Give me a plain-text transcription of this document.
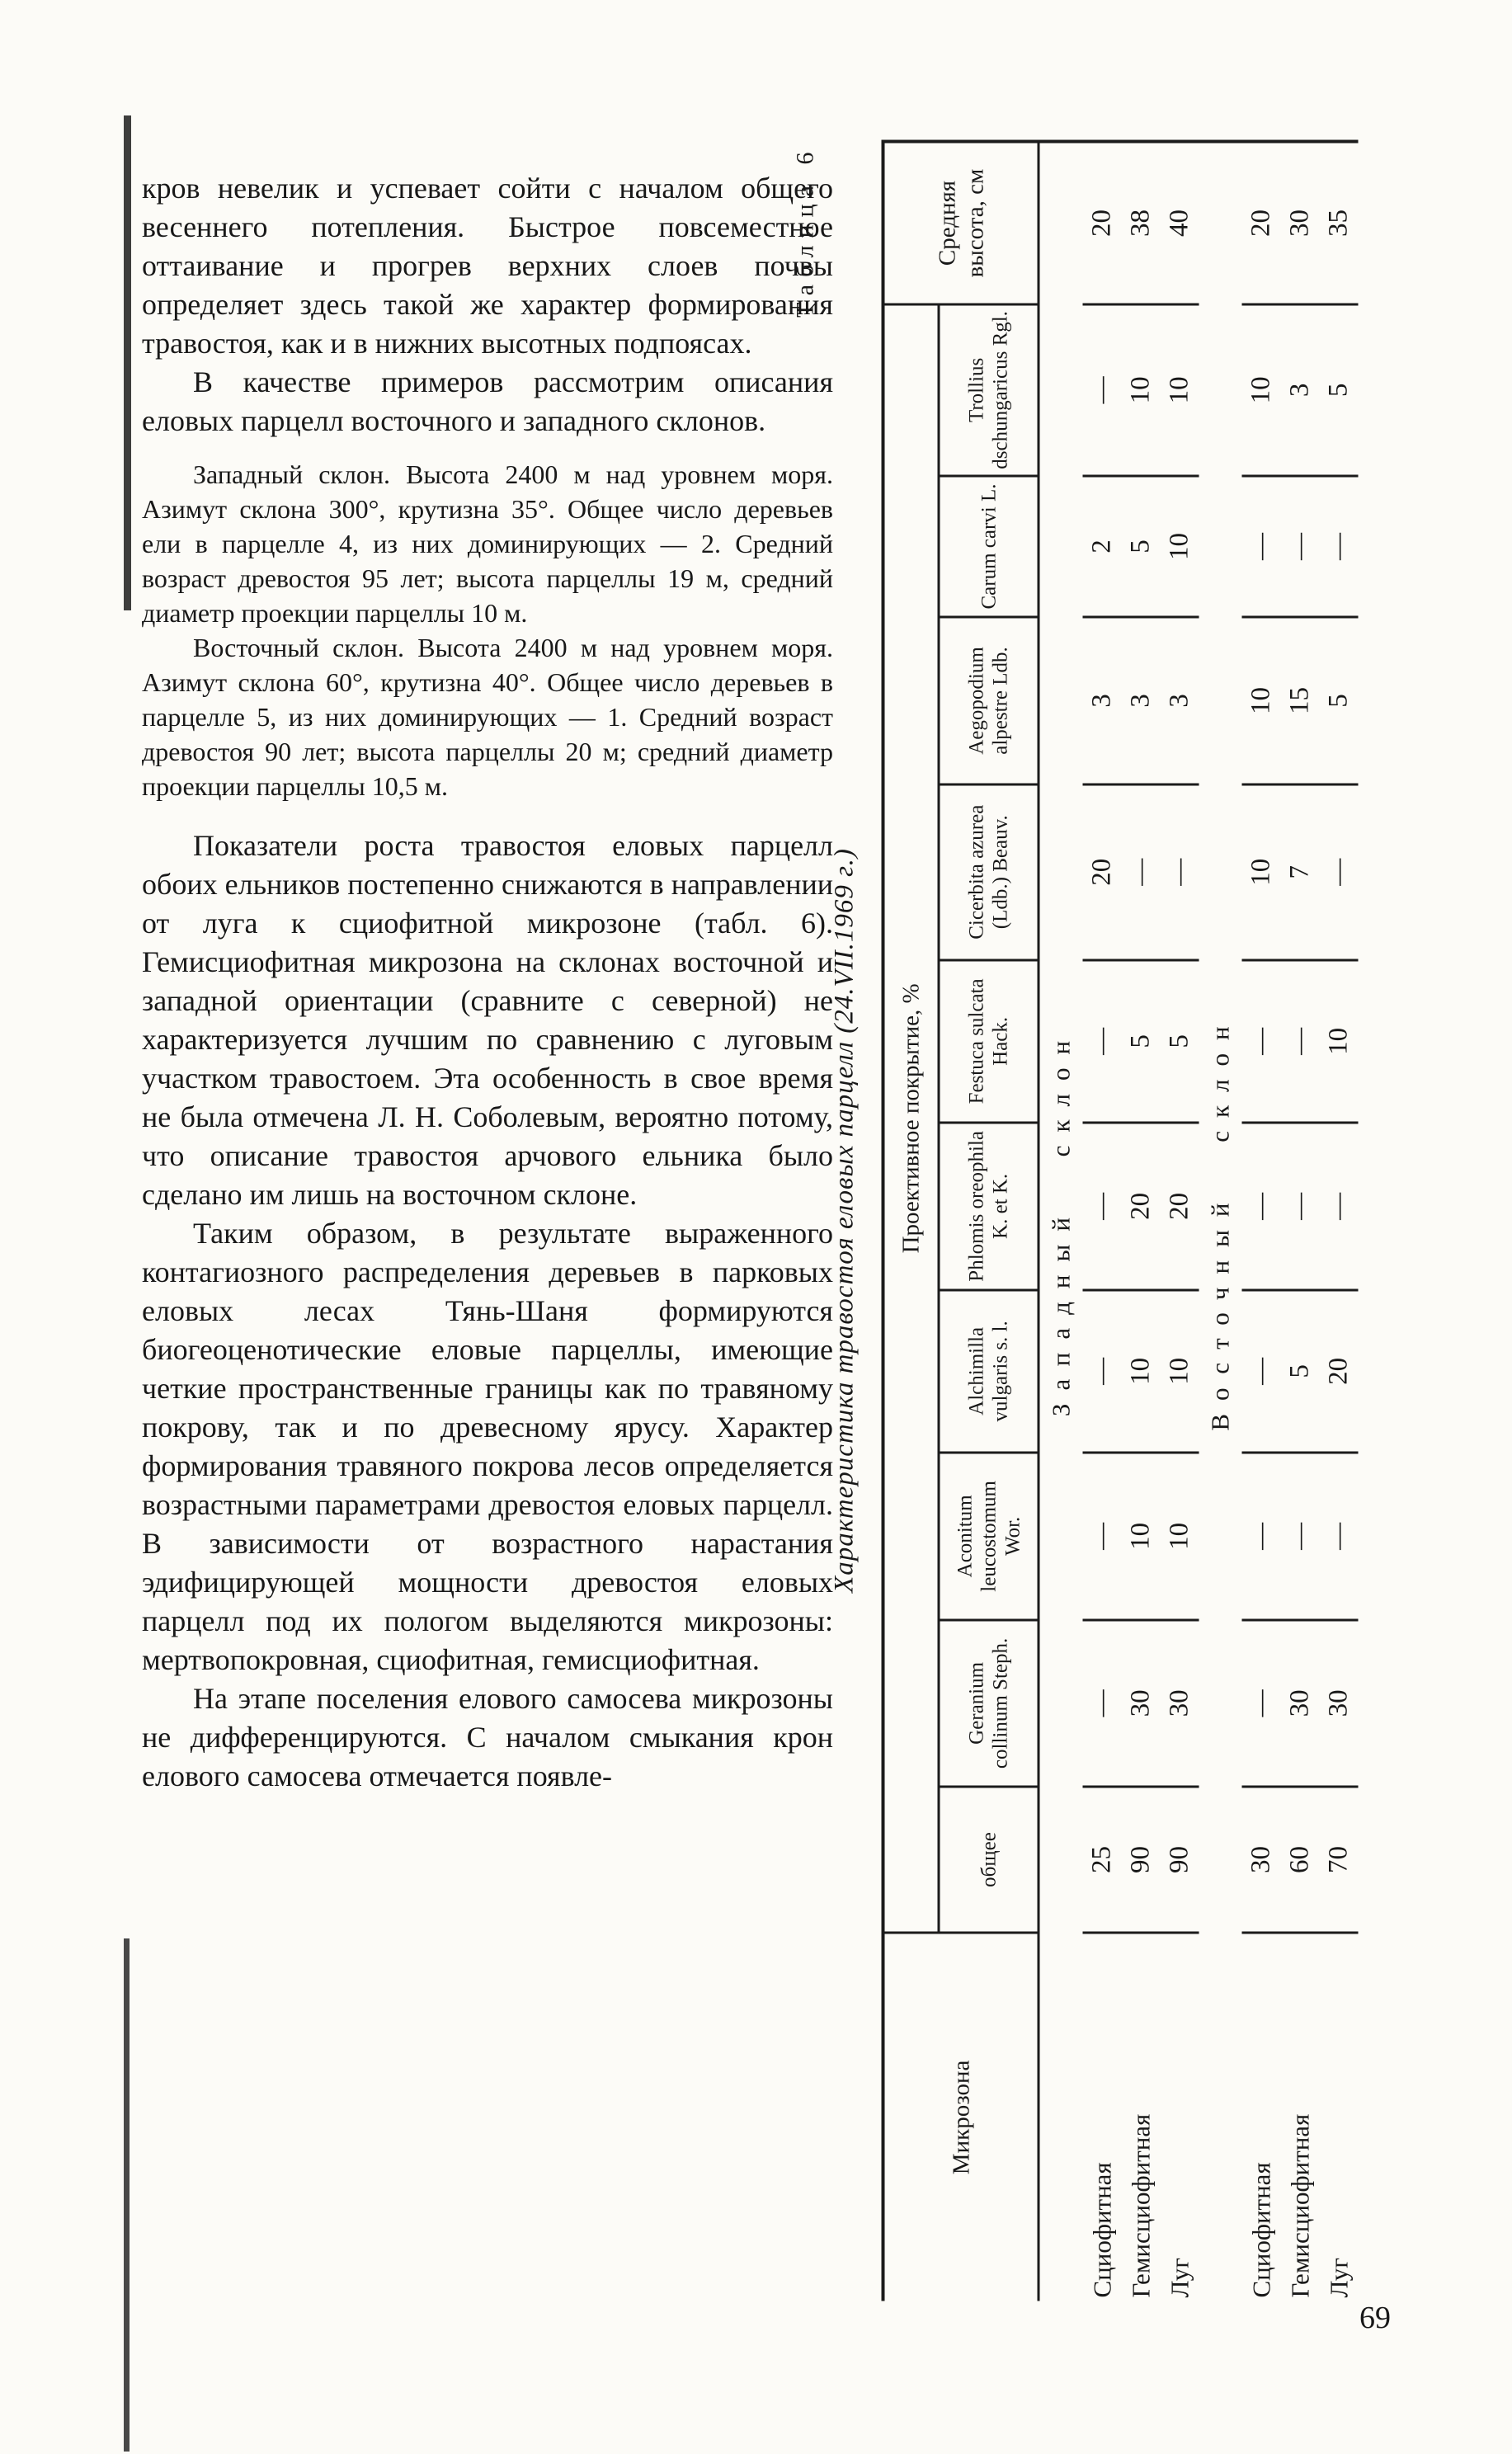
кров невелик и успевает сойти с началом общего весеннего потепления. Быстрое повсеместное оттаивание и прогрев верхних слоев почвы определяет здесь такой же характер формирования травостоя, как и в нижних высотных подпоясах.

В качестве примеров рассмотрим описания еловых парцелл восточного и западного склонов.

Западный склон. Высота 2400 м над уровнем моря. Азимут склона 300°, крутизна 35°. Общее число деревьев ели в парцелле 4, из них доминирующих — 2. Средний возраст древостоя 95 лет; высота парцеллы 19 м, средний диаметр проекции парцеллы 10 м.

Восточный склон. Высота 2400 м над уровнем моря. Азимут склона 60°, крутизна 40°. Общее число деревьев в парцелле 5, из них доминирующих — 1. Средний возраст древостоя 90 лет; высота парцеллы 20 м; средний диаметр проекции парцеллы 10,5 м.

Показатели роста травостоя еловых парцелл обоих ельников постепенно снижаются в направлении от луга к сциофитной микрозоне (табл. 6). Гемисциофитная микрозона на склонах восточной и западной ориентации (сравните с северной) не характеризуется лучшим по сравнению с луговым участком травостоем. Эта особенность в свое время не была отмечена Л. Н. Соболевым, вероятно потому, что описание травостоя арчового ельника было сделано им лишь на восточном склоне.

Таким образом, в результате выраженного контагиозного распределения деревьев в парковых еловых лесах Тянь-Шаня формируются биогеоценотические еловые парцеллы, имеющие четкие пространственные границы как по травяному покрову, так и по древесному ярусу. Характер формирования травяного покрова лесов определяется возрастными параметрами древостоя еловых парцелл. В зависимости от возрастного нарастания эдифицирующей мощности древостоя еловых парцелл под их пологом выделяются микрозоны: мертвопокровная, сциофитная, гемисциофитная.

На этапе поселения елового самосева микрозоны не дифференцируются. С началом смыкания крон елового самосева отмечается появле-

Таблица 6
Характеристика травостоя еловых парцелл (24.VII.1969 г.)
Микрозона	Проективное покрытие, %										Средняя высота, см
	общее	Geranium collinum Steph.	Aconitum leucostomum Wor.	Alchimilla vulgaris s. l.	Phlomis oreophila K. et K.	Festuca sulcata Hack.	Cicerbita azurea (Ldb.) Beauv.	Aegopodium alpestre Ldb.	Carum carvi L.	Trollius dschungaricus Rgl.	
Западный склон											
Сциофитная	25	—	—	—	—	—	20	3	2	—	20
Гемисциофитная	90	30	10	10	20	5	—	3	5	10	38
Луг	90	30	10	10	20	5	—	3	10	10	40
Восточный склон											
Сциофитная	30	—	—	—	—	—	10	10	—	10	20
Гемисциофитная	60	30	—	5	—	—	7	15	—	3	30
Луг	70	30	—	20	—	10	—	5	—	5	35
69
